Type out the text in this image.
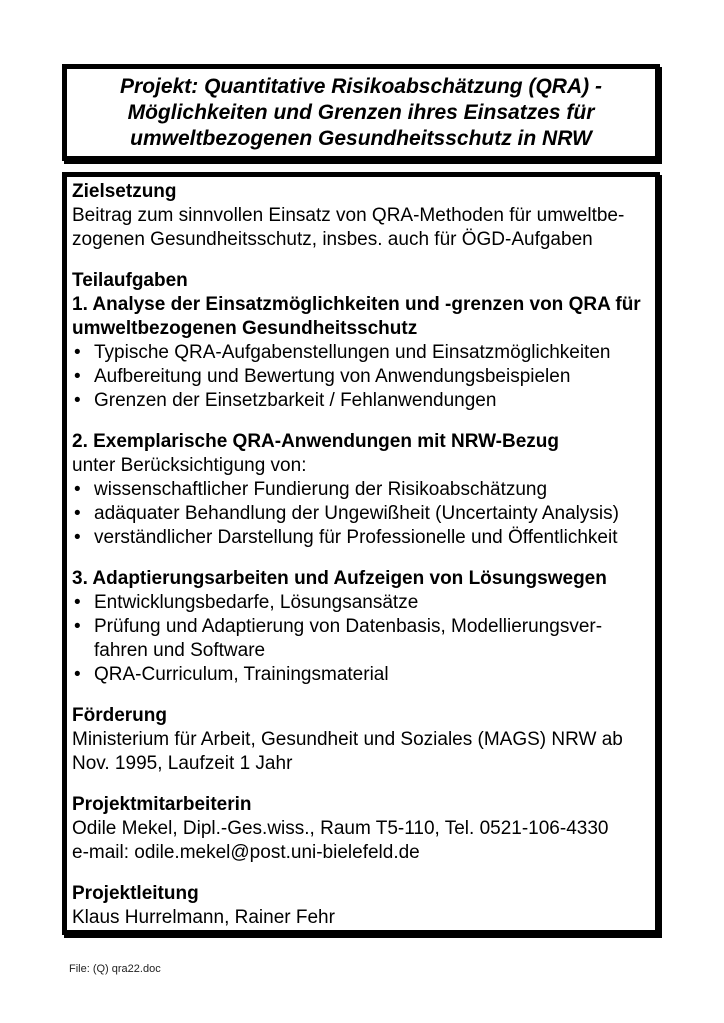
Projekt: Quantitative Risikoabschätzung (QRA) -
Möglichkeiten und Grenzen ihres Einsatzes für
umweltbezogenen Gesundheitsschutz in NRW
Zielsetzung
Beitrag zum sinnvollen Einsatz von QRA-Methoden für umweltbe-
zogenen Gesundheitsschutz, insbes. auch für ÖGD-Aufgaben
Teilaufgaben
1. Analyse der Einsatzmöglichkeiten und -grenzen von QRA für
umweltbezogenen Gesundheitsschutz
• Typische QRA-Aufgabenstellungen und Einsatzmöglichkeiten
• Aufbereitung und Bewertung von Anwendungsbeispielen
• Grenzen der Einsetzbarkeit / Fehlanwendungen
2. Exemplarische QRA-Anwendungen mit NRW-Bezug
unter Berücksichtigung von:
• wissenschaftlicher Fundierung der Risikoabschätzung
• adäquater Behandlung der Ungewißheit (Uncertainty Analysis)
• verständlicher Darstellung für Professionelle und Öffentlichkeit
3. Adaptierungsarbeiten und Aufzeigen von Lösungswegen
• Entwicklungsbedarfe, Lösungsansätze
• Prüfung und Adaptierung von Datenbasis, Modellierungsver-
fahren und Software
• QRA-Curriculum, Trainingsmaterial
Förderung
Ministerium für Arbeit, Gesundheit und Soziales (MAGS) NRW ab
Nov. 1995, Laufzeit 1 Jahr
Projektmitarbeiterin
Odile Mekel, Dipl.-Ges.wiss., Raum T5-110, Tel. 0521-106-4330
e-mail: odile.mekel@post.uni-bielefeld.de
Projektleitung
Klaus Hurrelmann, Rainer Fehr
File: (Q) qra22.doc
